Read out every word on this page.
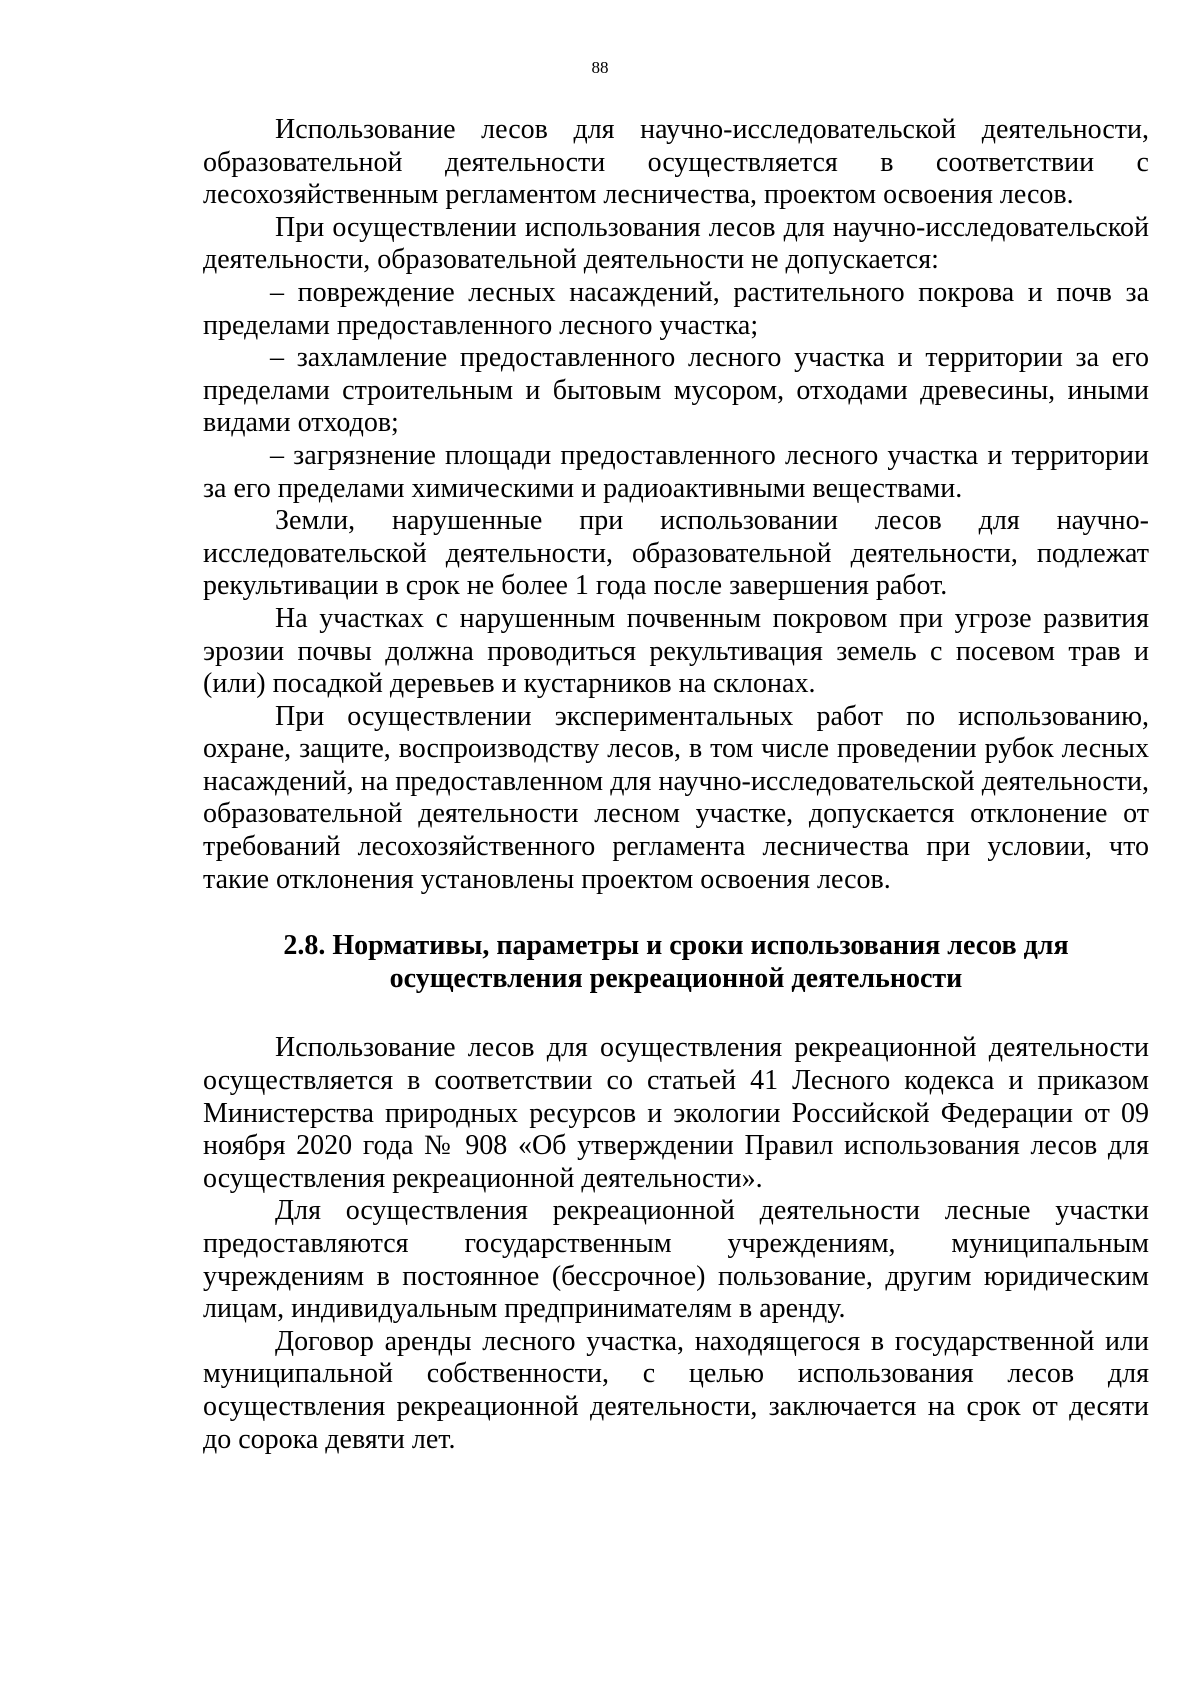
88

Использование лесов для научно-исследовательской деятельности, образовательной деятельности осуществляется в соответствии с лесохозяйственным регламентом лесничества, проектом освоения лесов.

При осуществлении использования лесов для научно-исследовательской деятельности, образовательной деятельности не допускается:

– повреждение лесных насаждений, растительного покрова и почв за пределами предоставленного лесного участка;

– захламление предоставленного лесного участка и территории за его пределами строительным и бытовым мусором, отходами древесины, иными видами отходов;

– загрязнение площади предоставленного лесного участка и территории за его пределами химическими и радиоактивными веществами.

Земли, нарушенные при использовании лесов для научно-исследовательской деятельности, образовательной деятельности, подлежат рекультивации в срок не более 1 года после завершения работ.

На участках с нарушенным почвенным покровом при угрозе развития эрозии почвы должна проводиться рекультивация земель с посевом трав и (или) посадкой деревьев и кустарников на склонах.

При осуществлении экспериментальных работ по использованию, охране, защите, воспроизводству лесов, в том числе проведении рубок лесных насаждений, на предоставленном для научно-исследовательской деятельности, образовательной деятельности лесном участке, допускается отклонение от требований лесохозяйственного регламента лесничества при условии, что такие отклонения установлены проектом освоения лесов.

2.8. Нормативы, параметры и сроки использования лесов для
осуществления рекреационной деятельности

Использование лесов для осуществления рекреационной деятельности осуществляется в соответствии со статьей 41 Лесного кодекса и приказом Министерства природных ресурсов и экологии Российской Федерации от 09 ноября 2020 года № 908 «Об утверждении Правил использования лесов для осуществления рекреационной деятельности».

Для осуществления рекреационной деятельности лесные участки предоставляются государственным учреждениям, муниципальным учреждениям в постоянное (бессрочное) пользование, другим юридическим лицам, индивидуальным предпринимателям в аренду.

Договор аренды лесного участка, находящегося в государственной или муниципальной собственности, с целью использования лесов для осуществления рекреационной деятельности, заключается на срок от десяти до сорока девяти лет.
